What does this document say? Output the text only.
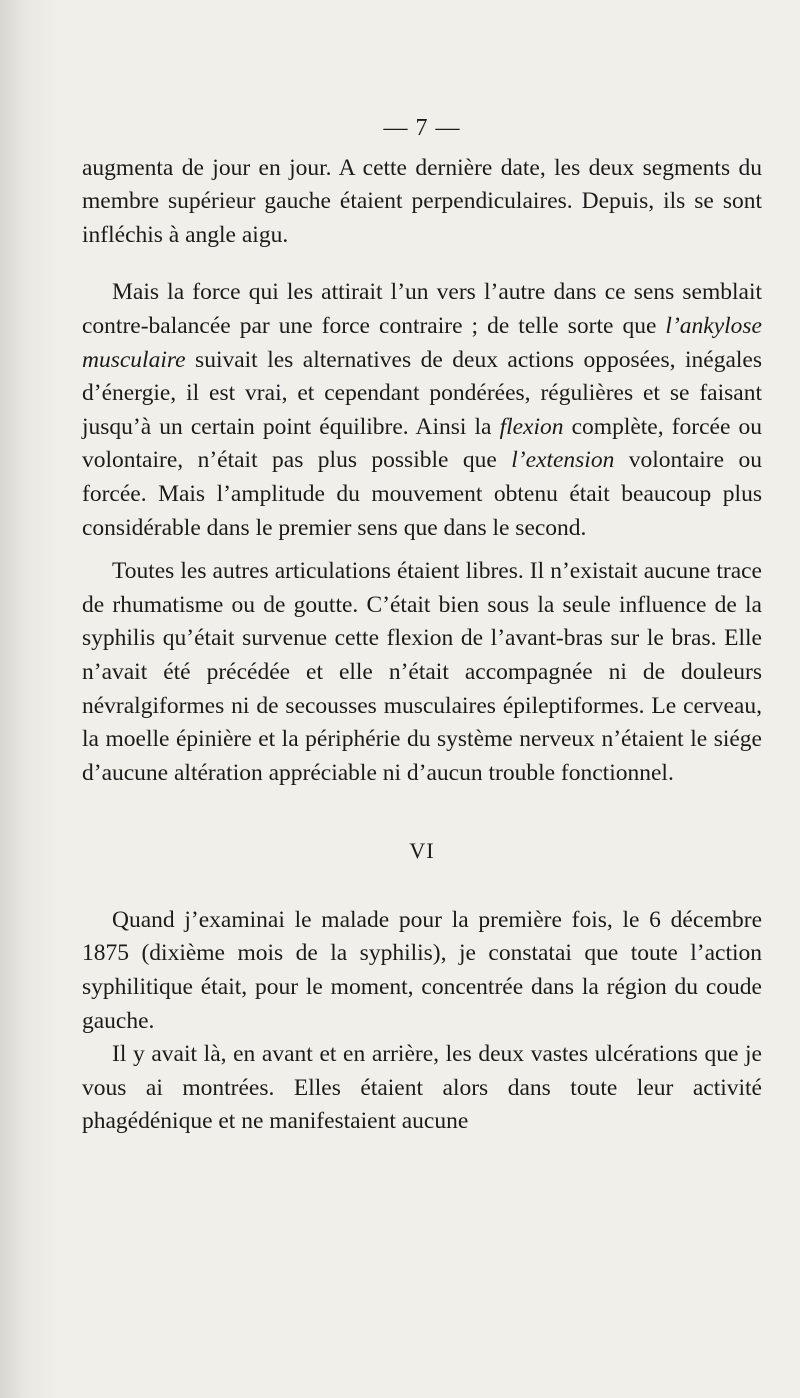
— 7 —

augmenta de jour en jour. A cette dernière date, les deux segments du membre supérieur gauche étaient perpendiculaires. Depuis, ils se sont infléchis à angle aigu.

Mais la force qui les attirait l’un vers l’autre dans ce sens semblait contre-balancée par une force contraire ; de telle sorte que l’ankylose musculaire suivait les alternatives de deux actions opposées, inégales d’énergie, il est vrai, et cependant pondérées, régulières et se faisant jusqu’à un certain point équilibre. Ainsi la flexion complète, forcée ou volontaire, n’était pas plus possible que l’extension volontaire ou forcée. Mais l’amplitude du mouvement obtenu était beaucoup plus considérable dans le premier sens que dans le second.

Toutes les autres articulations étaient libres. Il n’existait aucune trace de rhumatisme ou de goutte. C’était bien sous la seule influence de la syphilis qu’était survenue cette flexion de l’avant-bras sur le bras. Elle n’avait été précédée et elle n’était accompagnée ni de douleurs névralgiformes ni de secousses musculaires épileptiformes. Le cerveau, la moelle épinière et la périphérie du système nerveux n’étaient le siége d’aucune altération appréciable ni d’aucun trouble fonctionnel.

VI

Quand j’examinai le malade pour la première fois, le 6 décembre 1875 (dixième mois de la syphilis), je constatai que toute l’action syphilitique était, pour le moment, concentrée dans la région du coude gauche.

Il y avait là, en avant et en arrière, les deux vastes ulcérations que je vous ai montrées. Elles étaient alors dans toute leur activité phagédénique et ne manifestaient aucune
